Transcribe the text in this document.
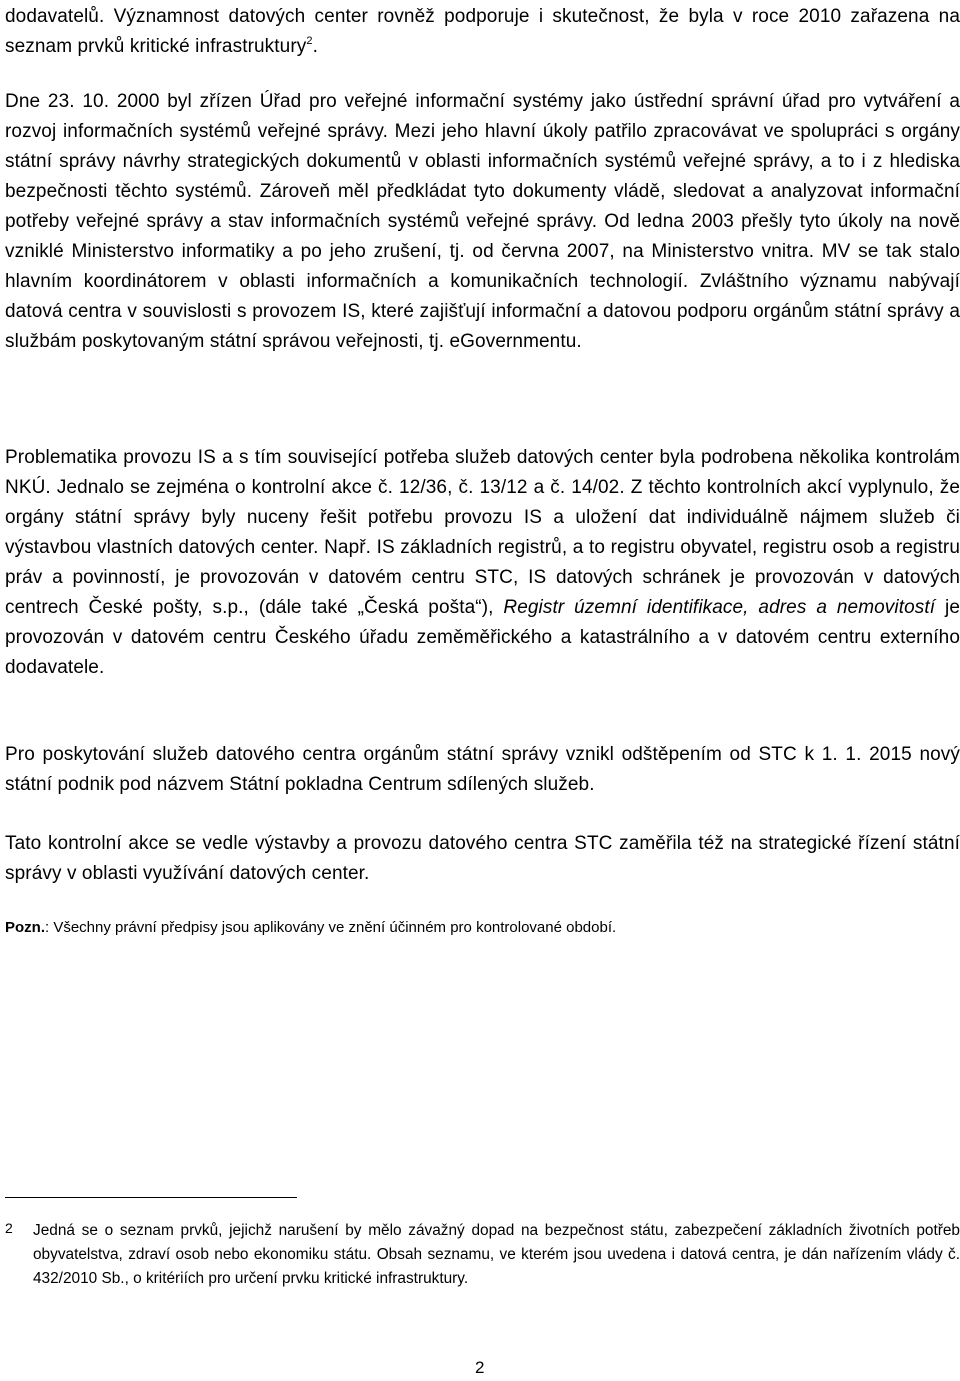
dodavatelů. Významnost datových center rovněž podporuje i skutečnost, že byla v roce 2010 zařazena na seznam prvků kritické infrastruktury$^2$.

Dne 23. 10. 2000 byl zřízen Úřad pro veřejné informační systémy jako ústřední správní úřad pro vytváření a rozvoj informačních systémů veřejné správy. Mezi jeho hlavní úkoly patřilo zpracovávat ve spolupráci s orgány státní správy návrhy strategických dokumentů v oblasti informačních systémů veřejné správy, a to i z hlediska bezpečnosti těchto systémů. Zároveň měl předkládat tyto dokumenty vládě, sledovat a analyzovat informační potřeby veřejné správy a stav informačních systémů veřejné správy. Od ledna 2003 přešly tyto úkoly na nově vzniklé Ministerstvo informatiky a po jeho zrušení, tj. od června 2007, na Ministerstvo vnitra. MV se tak stalo hlavním koordinátorem v oblasti informačních a komunikačních technologií. Zvláštního významu nabývají datová centra v souvislosti s provozem IS, které zajišťují informační a datovou podporu orgánům státní správy a službám poskytovaným státní správou veřejnosti, tj. eGovernmentu.

Problematika provozu IS a s tím související potřeba služeb datových center byla podrobena několika kontrolám NKÚ. Jednalo se zejména o kontrolní akce č. 12/36, č. 13/12 a č. 14/02. Z těchto kontrolních akcí vyplynulo, že orgány státní správy byly nuceny řešit potřebu provozu IS a uložení dat individuálně nájmem služeb či výstavbou vlastních datových center. Např. IS základních registrů, a to registru obyvatel, registru osob a registru práv a povinností, je provozován v datovém centru STC, IS datových schránek je provozován v datových centrech České pošty, s.p., (dále také „Česká pošta“), Registr územní identifikace, adres a nemovitostí je provozován v datovém centru Českého úřadu zeměměřického a katastrálního a v datovém centru externího dodavatele.

Pro poskytování služeb datového centra orgánům státní správy vznikl odštěpením od STC k 1. 1. 2015 nový státní podnik pod názvem Státní pokladna Centrum sdílených služeb.

Tato kontrolní akce se vedle výstavby a provozu datového centra STC zaměřila též na strategické řízení státní správy v oblasti využívání datových center.

Pozn.: Všechny právní předpisy jsou aplikovány ve znění účinném pro kontrolované období.

2 Jedná se o seznam prvků, jejichž narušení by mělo závažný dopad na bezpečnost státu, zabezpečení základních životních potřeb obyvatelstva, zdraví osob nebo ekonomiku státu. Obsah seznamu, ve kterém jsou uvedena i datová centra, je dán nařízením vlády č. 432/2010 Sb., o kritériích pro určení prvku kritické infrastruktury.

2
